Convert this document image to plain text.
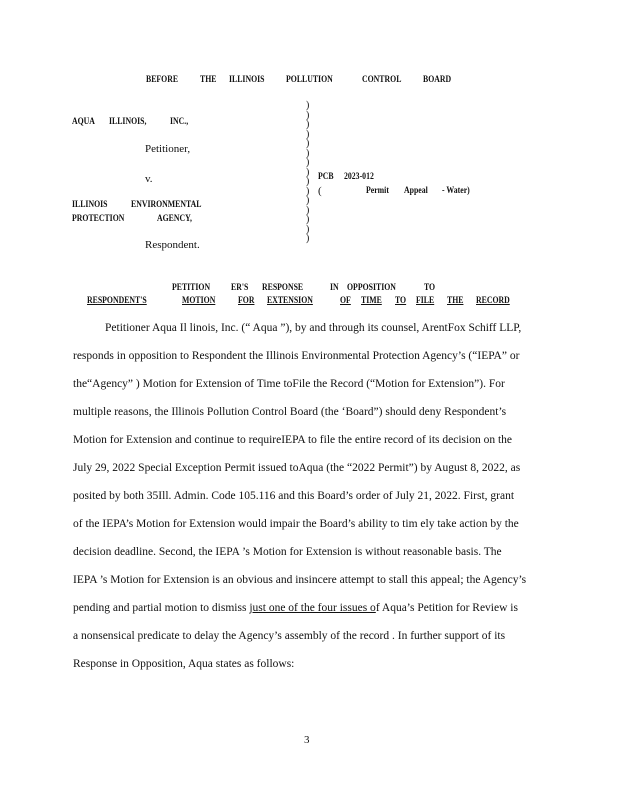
BEFORE THE ILLINOIS POLLUTION	CONTROL BOARD
AQUA ILLINOIS, INC.,
Petitioner,
v.
ILLINOIS ENVIRONMENTAL
PROTECTION	AGENCY,
Respondent.
)
)
)
)
)
)
)
)
)
)
)
)
)
)
)
PCB 2023-012
(	Permit Appeal - Water)
PETITION ER'S RESPONSE	IN OPPOSITION	TO
RESPONDENT'S	MOTION FOR EXTENSION	OF TIME TO FILE THE RECORD
Petitioner Aqua Il linois, Inc. (“ Aqua ”), by and through its counsel, ArentFox Schiff LLP,
responds in opposition to Respondent the Illinois Environmental Protection Agency’s (“IEPA” or
the“Agency” ) Motion for Extension of Time toFile the Record (“Motion for Extension”). For
multiple reasons, the Illinois Pollution Control Board (the ‘Board”) should deny Respondent’s
Motion for Extension and continue to requireIEPA to file the entire record of its decision on the
July 29, 2022 Special Exception Permit issued toAqua (the “2022 Permit”) by August 8, 2022, as
posited by both 35Ill. Admin. Code 105.116 and this Board’s order of July 21, 2022. First, grant
of the IEPA’s Motion for Extension would impair the Board’s ability to tim ely take action by the
decision deadline. Second, the IEPA ’s Motion for Extension is without reasonable basis. The
IEPA ’s Motion for Extension is an obvious and insincere attempt to stall this appeal; the Agency’s
pending and partial motion to dismiss just one of the four issues of Aqua’s Petition for Review is
a nonsensical predicate to delay the Agency’s assembly of the record . In further support of its
Response in Opposition, Aqua states as follows:
3
